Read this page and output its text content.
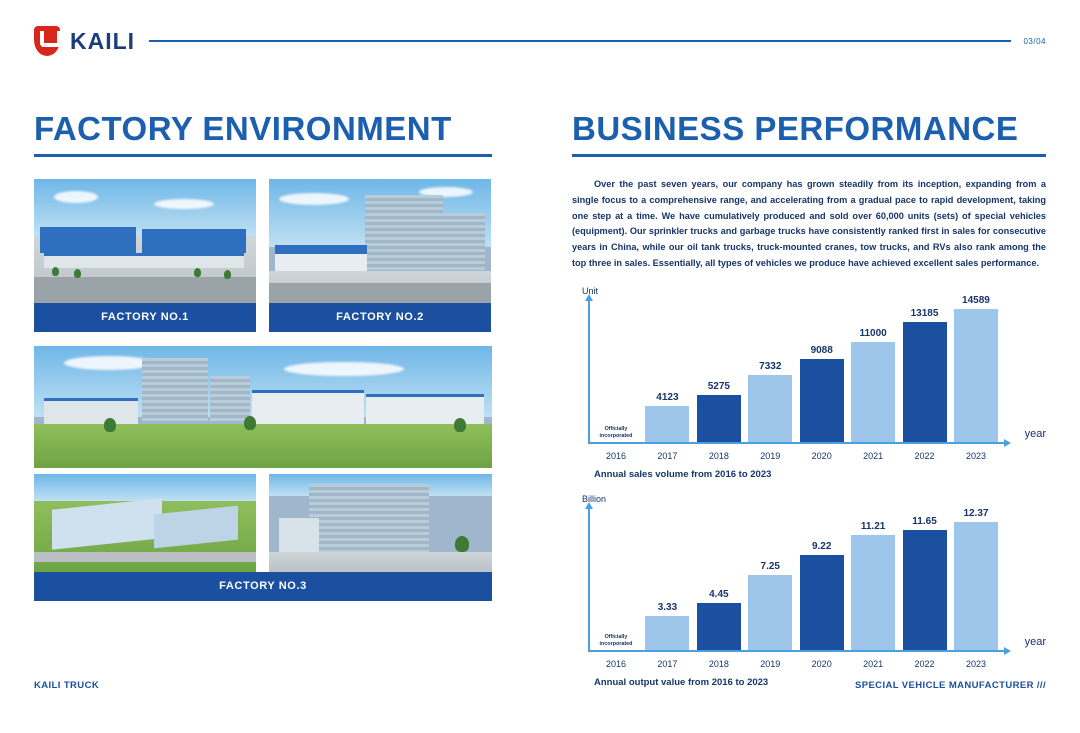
KAILI	03/04
FACTORY ENVIRONMENT
FACTORY NO.1	FACTORY NO.2
FACTORY NO.3
BUSINESS PERFORMANCE
Over the past seven years, our company has grown steadily from its inception, expanding from a single focus to a comprehensive range, and accelerating from a gradual pace to rapid development, taking one step at a time. We have cumulatively produced and sold over 60,000 units (sets) of special vehicles (equipment). Our sprinkler trucks and garbage trucks have consistently ranked first in sales for consecutive years in China, while our oil tank trucks, truck-mounted cranes, tow trucks, and RVs also rank among the top three in sales. Essentially, all types of vehicles we produce have achieved excellent sales performance.
Unit
year
Officially
incorporated
4123
5275
7332
9088
11000
13185
14589
2016	2017	2018	2019	2020	2021	2022	2023
Annual sales volume from 2016 to 2023
Billion
year
Officially
incorporated
3.33
4.45
7.25
9.22
11.21	11.65
12.37
2016	2017	2018	2019	2020	2021	2022	2023
Annual output value from 2016 to 2023
KAILI TRUCK	SPECIAL VEHICLE MANUFACTURER ///
